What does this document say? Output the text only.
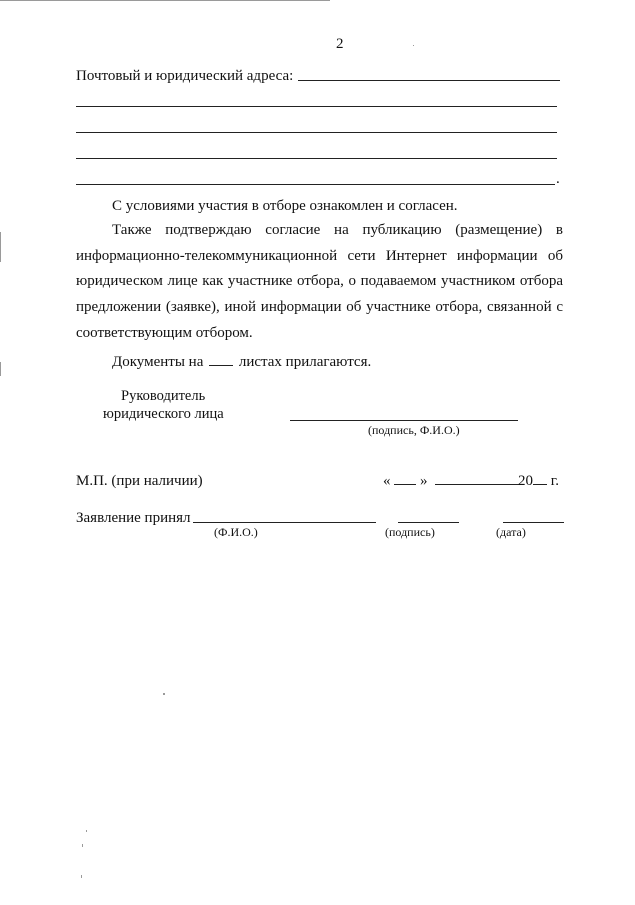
2
Почтовый и юридический адреса:
.
С условиями участия в отборе ознакомлен и согласен.
Также подтверждаю согласие на публикацию (размещение) в информационно-телекоммуникационной сети Интернет информации об юридическом лице как участнике отбора, о подаваемом участником отбора предложении (заявке), иной информации об участнике отбора, связанной с соответствующим отбором.
Документы на листах прилагаются.
Руководитель
юридического лица
(подпись, Ф.И.О.)
М.П. (при наличии)	« »	20 г.
Заявление принял
(Ф.И.О.)	(подпись)	(дата)
